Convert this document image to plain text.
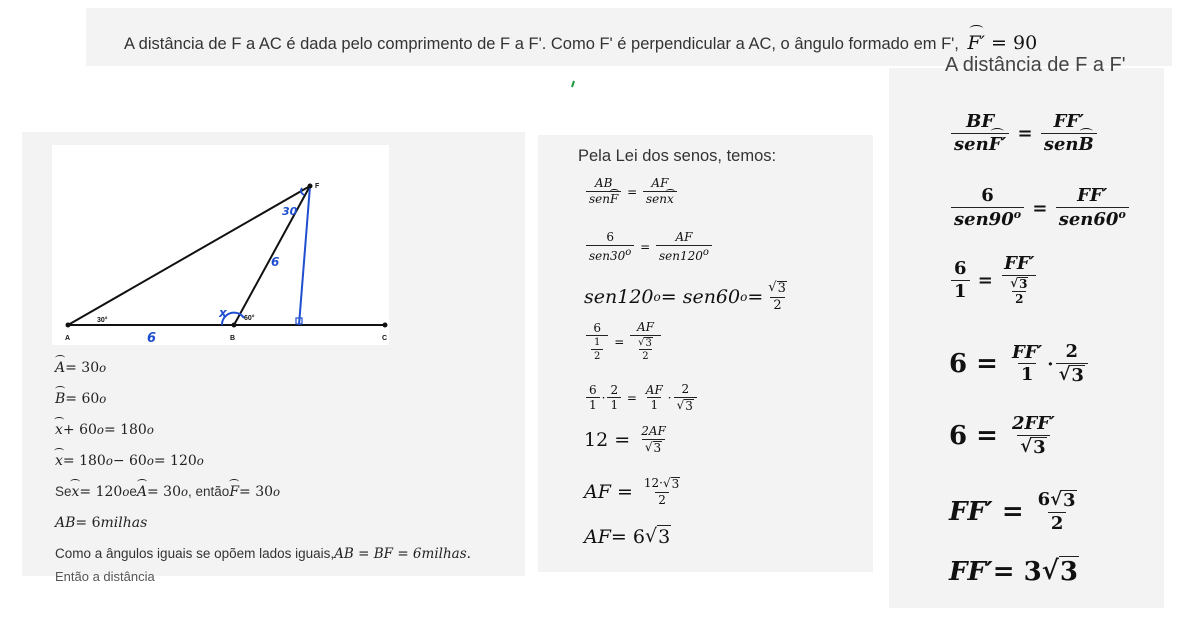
A distância de F a AC é dada pelo comprimento de F a F'. Como F' é perpendicular a AC, o ângulo formado em F', F′ = 90
A	B	C
F
30°	60°
30
6
6
x
A = 30 o
B = 60 o
x + 60 o = 180 o
x = 180 o − 60 o = 120 o
Se x = 120 o e A = 30 o , então F = 30 o
AB = 6 milhas
Como a ângulos iguais se opõem lados iguais, AB = BF = 6 milhas .
Então a distância
Pela Lei dos senos, temos:
$\frac{AB}{\text{senF}} = \frac{AF}{\text{senx}}$
$\frac{6}{sen30^o} = \frac{AF}{sen120^o}$
sen120 o = sen60 $o = \frac{√ 3}{2}$
$\frac{6}{\frac{1}{2}} = \frac{AF}{\frac{√ 3}{2}}$
$\frac{6}{1} \cdot \frac{2}{1} = \frac{AF}{1} \cdot \frac{2}{√ 3}$
$12 = \frac{2AF}{√ 3}$
AF = $\frac{12\cdot√ 3}{2}$
AF = 6 √ 3
A distância de F a F'
$\frac{BF}{\text{senF′}} = \frac{FF'}{\text{senB}}$
$\frac{6}{sen90^o} = \frac{FF'}{sen60^o}$
$\frac{6}{1} = \frac{FF'}{\frac{√ 3}{2}}$
$6 = \frac{FF'}{1} \cdot \frac{2}{√ 3}$
$6 = \frac{2FF'}{√ 3}$
$FF' = \frac{6√ 3}{2}$
FF′ = 3 √ 3
